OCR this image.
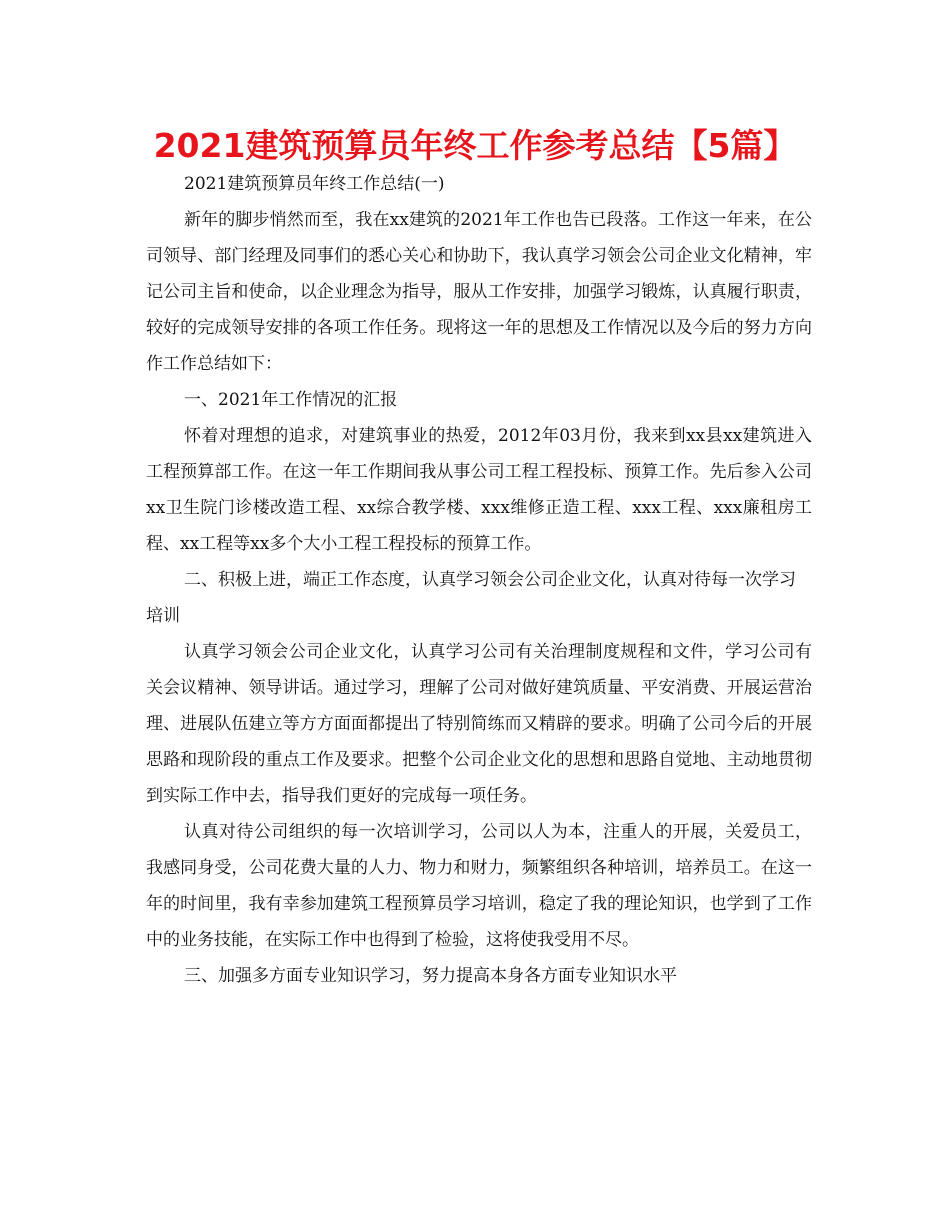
2021建筑预算员年终工作参考总结【5篇】

2021建筑预算员年终工作总结(一)

新年的脚步悄然而至，我在xx建筑的2021年工作也告已段落。工作这一年来，在公司领导、部门经理及同事们的悉心关心和协助下，我认真学习领会公司企业文化精神，牢记公司主旨和使命，以企业理念为指导，服从工作安排，加强学习锻炼，认真履行职责，较好的完成领导安排的各项工作任务。现将这一年的思想及工作情况以及今后的努力方向作工作总结如下：

一、2021年工作情况的汇报

怀着对理想的追求，对建筑事业的热爱，2012年03月份，我来到xx县xx建筑进入工程预算部工作。在这一年工作期间我从事公司工程工程投标、预算工作。先后参入公司xx卫生院门诊楼改造工程、xx综合教学楼、xxx维修正造工程、xxx工程、xxx廉租房工程、xx工程等xx多个大小工程工程投标的预算工作。

二、积极上进，端正工作态度，认真学习领会公司企业文化，认真对待每一次学习培训

认真学习领会公司企业文化，认真学习公司有关治理制度规程和文件，学习公司有关会议精神、领导讲话。通过学习，理解了公司对做好建筑质量、平安消费、开展运营治理、进展队伍建立等方方面面都提出了特别简练而又精辟的要求。明确了公司今后的开展思路和现阶段的重点工作及要求。把整个公司企业文化的思想和思路自觉地、主动地贯彻到实际工作中去，指导我们更好的完成每一项任务。

认真对待公司组织的每一次培训学习，公司以人为本，注重人的开展，关爱员工，我感同身受，公司花费大量的人力、物力和财力，频繁组织各种培训，培养员工。在这一年的时间里，我有幸参加建筑工程预算员学习培训，稳定了我的理论知识，也学到了工作中的业务技能，在实际工作中也得到了检验，这将使我受用不尽。

三、加强多方面专业知识学习，努力提高本身各方面专业知识水平
